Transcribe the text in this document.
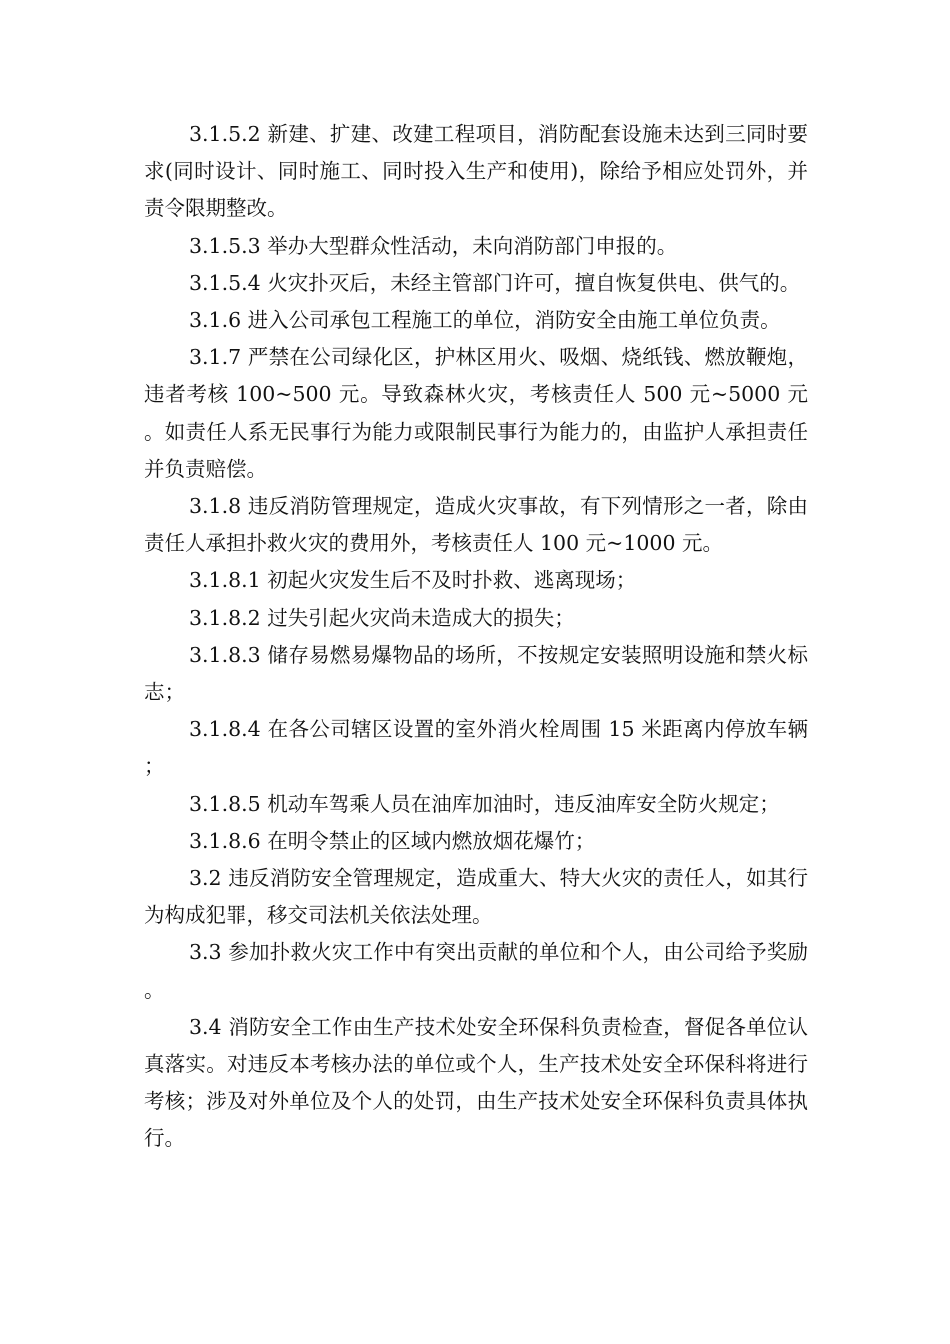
3.1.5.2 新建、扩建、改建工程项目，消防配套设施未达到三同时要求(同时设计、同时施工、同时投入生产和使用)，除给予相应处罚外，并责令限期整改。

3.1.5.3 举办大型群众性活动，未向消防部门申报的。

3.1.5.4 火灾扑灭后，未经主管部门许可，擅自恢复供电、供气的。

3.1.6 进入公司承包工程施工的单位，消防安全由施工单位负责。

3.1.7 严禁在公司绿化区，护林区用火、吸烟、烧纸钱、燃放鞭炮，违者考核 100~500 元。导致森林火灾，考核责任人 500 元~5000 元。如责任人系无民事行为能力或限制民事行为能力的，由监护人承担责任并负责赔偿。

3.1.8 违反消防管理规定，造成火灾事故，有下列情形之一者，除由责任人承担扑救火灾的费用外，考核责任人 100 元~1000 元。

3.1.8.1 初起火灾发生后不及时扑救、逃离现场；

3.1.8.2 过失引起火灾尚未造成大的损失；

3.1.8.3 储存易燃易爆物品的场所，不按规定安装照明设施和禁火标志；

3.1.8.4 在各公司辖区设置的室外消火栓周围 15 米距离内停放车辆；

3.1.8.5 机动车驾乘人员在油库加油时，违反油库安全防火规定；

3.1.8.6 在明令禁止的区域内燃放烟花爆竹；

3.2 违反消防安全管理规定，造成重大、特大火灾的责任人，如其行为构成犯罪，移交司法机关依法处理。

3.3 参加扑救火灾工作中有突出贡献的单位和个人，由公司给予奖励。

3.4 消防安全工作由生产技术处安全环保科负责检查，督促各单位认真落实。对违反本考核办法的单位或个人，生产技术处安全环保科将进行考核；涉及对外单位及个人的处罚，由生产技术处安全环保科负责具体执行。
